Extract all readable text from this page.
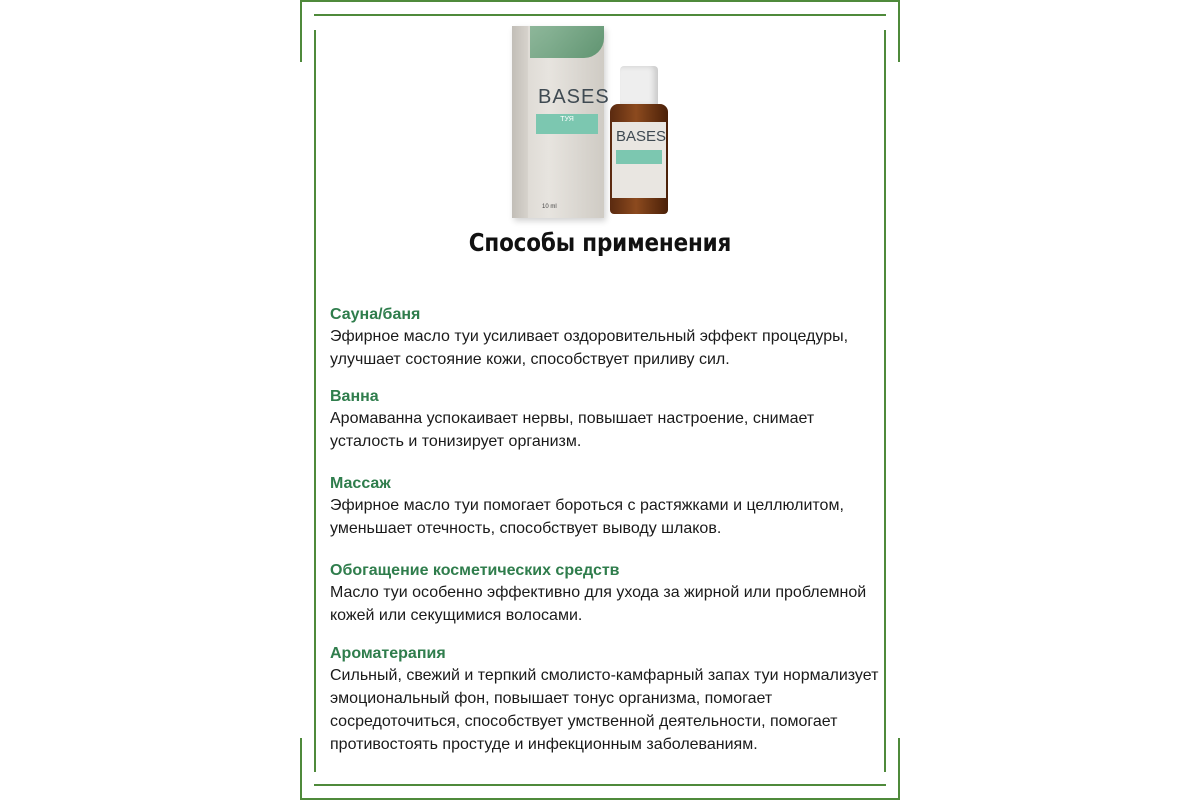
BASES
ТУЯ
10 ml
BASES
Способы применения
Сауна/баня
Эфирное масло туи усиливает оздоровительный эффект процедуры,
улучшает состояние кожи, способствует приливу сил.
Ванна
Аромаванна успокаивает нервы, повышает настроение, снимает
усталость и тонизирует организм.
Массаж
Эфирное масло туи помогает бороться с растяжками и целлюлитом,
уменьшает отечность, способствует выводу шлаков.
Обогащение косметических средств
Масло туи особенно эффективно для ухода за жирной или проблемной
кожей или секущимися волосами.
Ароматерапия
Сильный, свежий и терпкий смолисто-камфарный запах туи нормализует
эмоциональный фон, повышает тонус организма, помогает
сосредоточиться, способствует умственной деятельности, помогает
противостоять простуде и инфекционным заболеваниям.
